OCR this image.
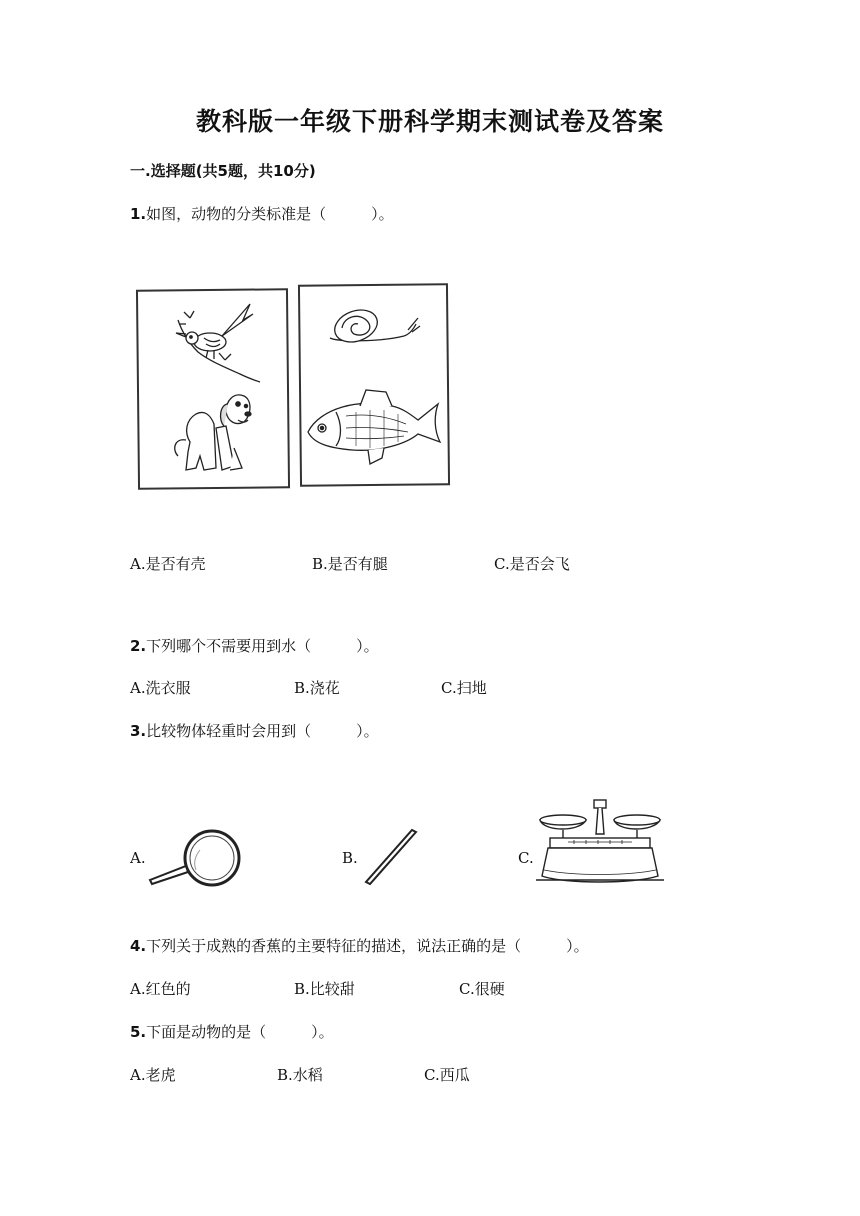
教科版一年级下册科学期末测试卷及答案
一.选择题(共5题，共10分)
1.如图，动物的分类标准是（　　　）。
A.是否有壳	B.是否有腿	C.是否会飞
2.下列哪个不需要用到水（　　　）。
A.洗衣服	B.浇花	C.扫地
3.比较物体轻重时会用到（　　　）。
A.	B.	C.
4.下列关于成熟的香蕉的主要特征的描述，说法正确的是（　　　）。
A.红色的	B.比较甜	C.很硬
5.下面是动物的是（　　　）。
A.老虎	B.水稻	C.西瓜
